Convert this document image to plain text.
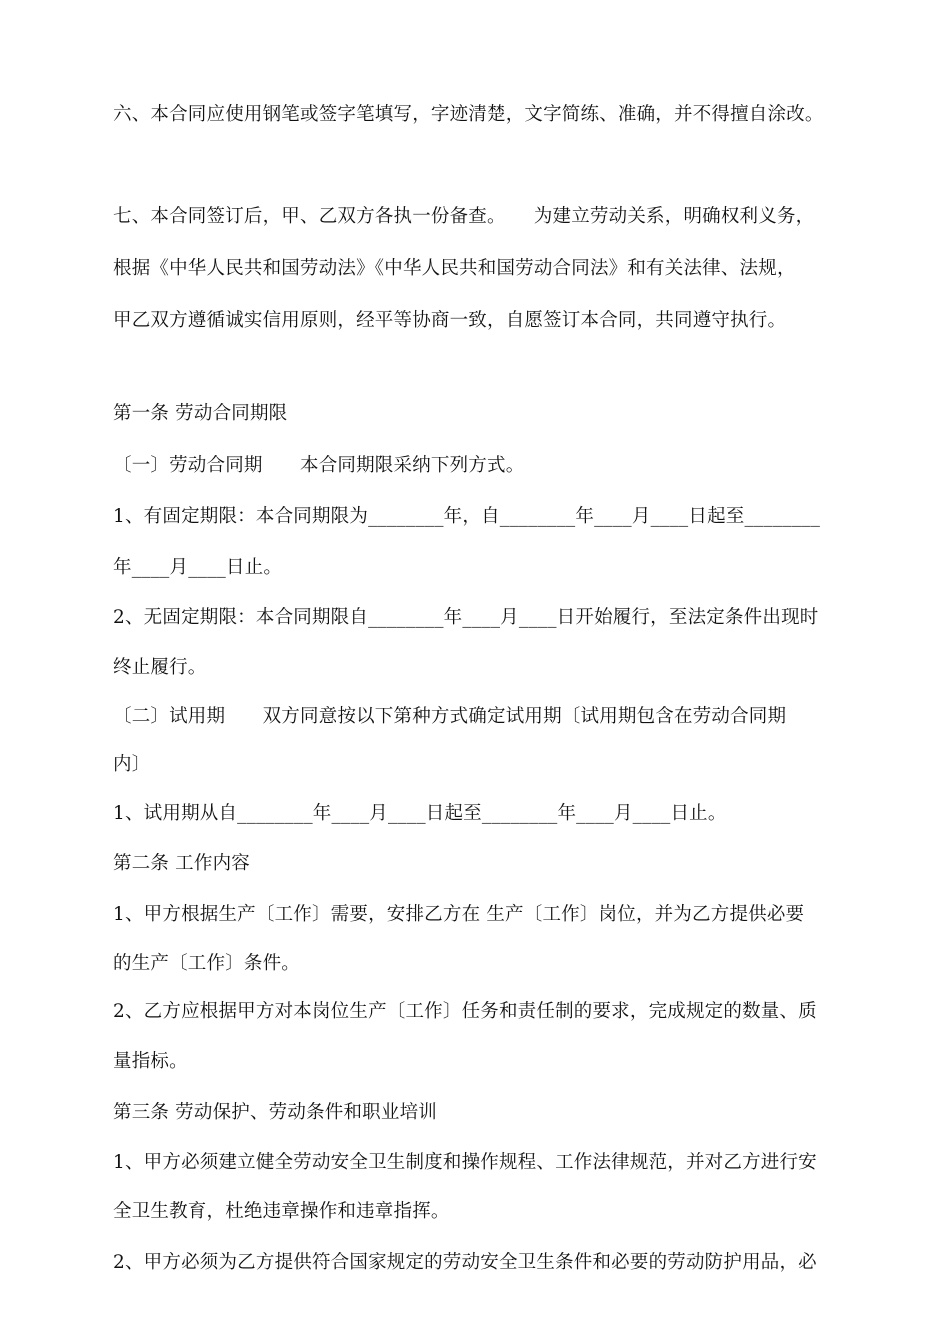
六、本合同应使用钢笔或签字笔填写，字迹清楚，文字简练、准确，并不得擅自涂改。
七、本合同签订后，甲、乙双方各执一份备查。　　为建立劳动关系，明确权利义务，
根据《中华人民共和国劳动法》《中华人民共和国劳动合同法》和有关法律、法规，
甲乙双方遵循诚实信用原则，经平等协商一致，自愿签订本合同，共同遵守执行。
第一条 劳动合同期限
〔一〕劳动合同期　　本合同期限采纳下列方式。
1、有固定期限：本合同期限为________年，自________年____月____日起至________
年____月____日止。
2、无固定期限：本合同期限自________年____月____日开始履行，至法定条件出现时
终止履行。
〔二〕试用期　　双方同意按以下第种方式确定试用期〔试用期包含在劳动合同期
内〕
1、试用期从自________年____月____日起至________年____月____日止。
第二条 工作内容
1、甲方根据生产〔工作〕需要，安排乙方在 生产〔工作〕岗位，并为乙方提供必要
的生产〔工作〕条件。
2、乙方应根据甲方对本岗位生产〔工作〕任务和责任制的要求，完成规定的数量、质
量指标。
第三条 劳动保护、劳动条件和职业培训
1、甲方必须建立健全劳动安全卫生制度和操作规程、工作法律规范，并对乙方进行安
全卫生教育，杜绝违章操作和违章指挥。
2、甲方必须为乙方提供符合国家规定的劳动安全卫生条件和必要的劳动防护用品，必
